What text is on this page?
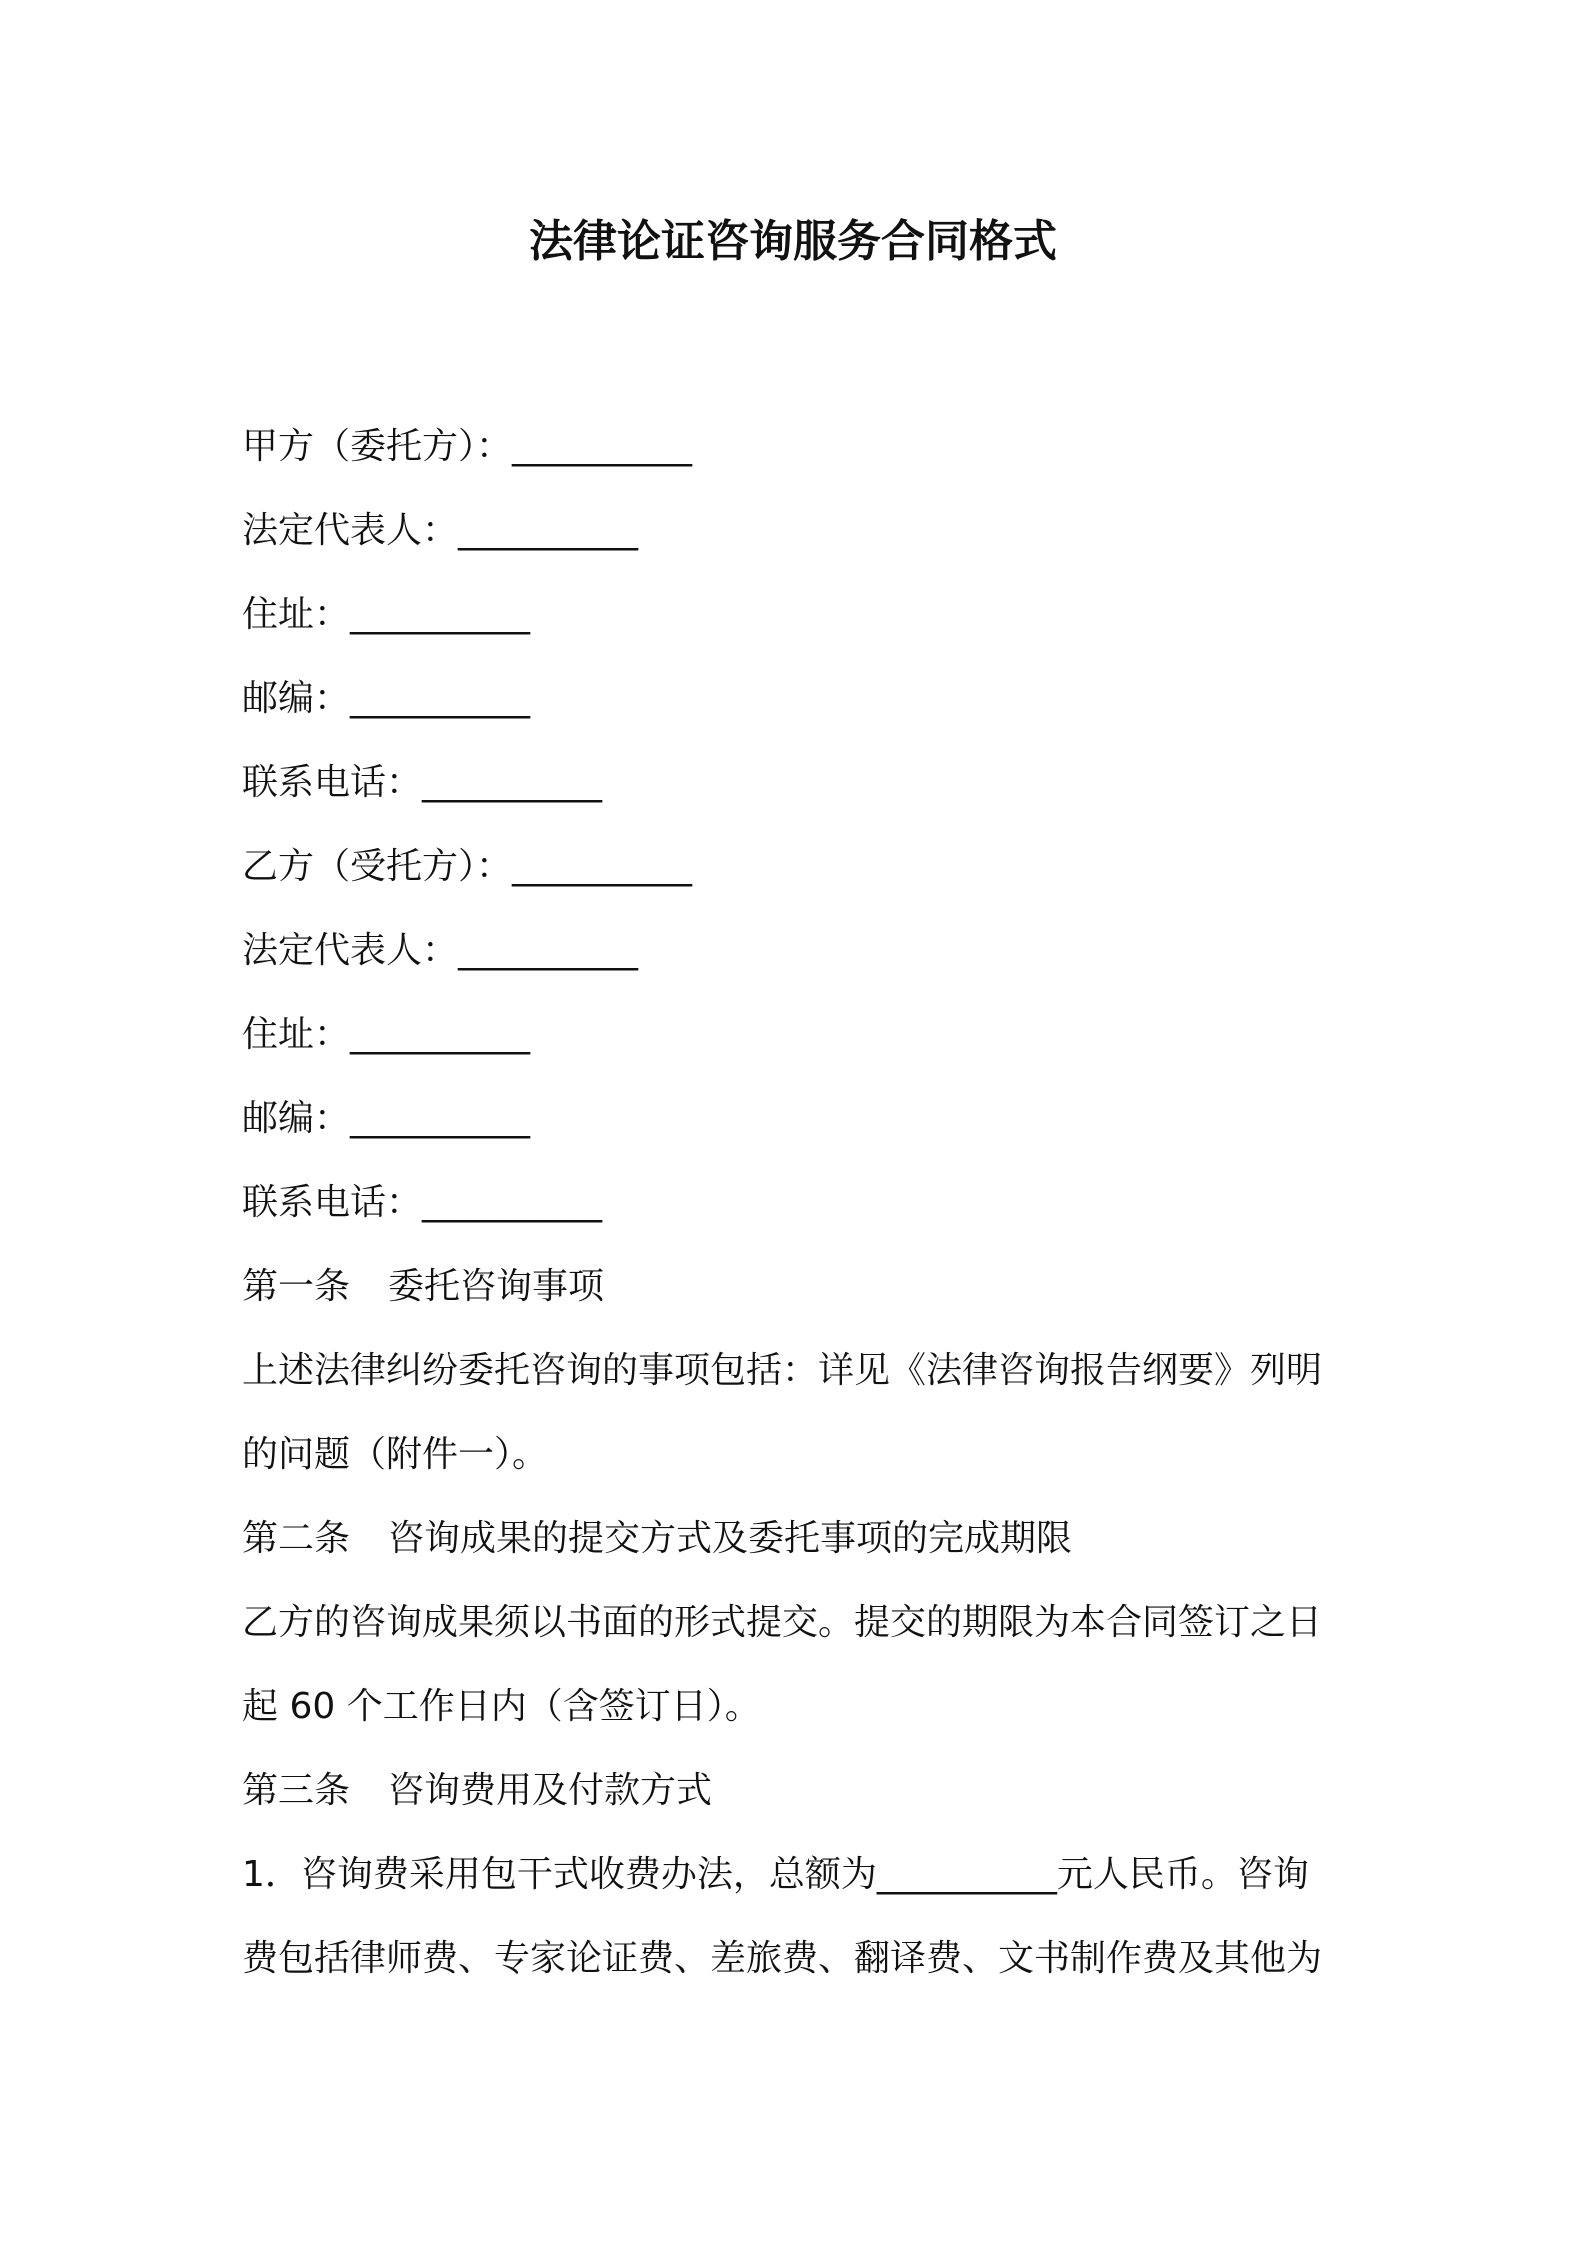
法律论证咨询服务合同格式
甲方（委托方）：__________
法定代表人：__________
住址：__________
邮编：__________
联系电话：__________
乙方（受托方）：__________
法定代表人：__________
住址：__________
邮编：__________
联系电话：__________
第一条 委托咨询事项
上述法律纠纷委托咨询的事项包括：详见《法律咨询报告纲要》列明
的问题（附件一）。
第二条 咨询成果的提交方式及委托事项的完成期限
乙方的咨询成果须以书面的形式提交。提交的期限为本合同签订之日
起 60 个工作日内（含签订日）。
第三条 咨询费用及付款方式
1．咨询费采用包干式收费办法，总额为__________元人民币。咨询
费包括律师费、专家论证费、差旅费、翻译费、文书制作费及其他为
